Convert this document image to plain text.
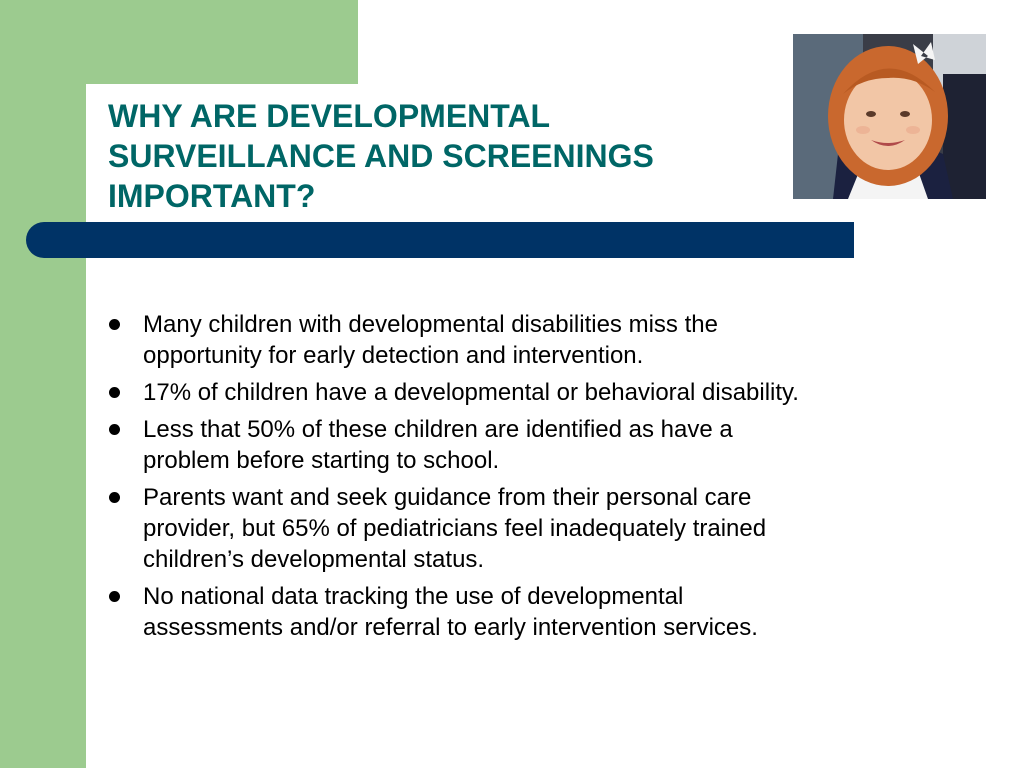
WHY ARE DEVELOPMENTAL
SURVEILLANCE AND SCREENINGS
IMPORTANT?
Many children with developmental disabilities miss the
opportunity for early detection and intervention.
17% of children have a developmental or behavioral disability.
Less that 50% of these children are identified as have a
problem before starting to school.
Parents want and seek guidance from their personal care
provider, but 65% of pediatricians feel inadequately trained
children’s developmental status.
No national data tracking the use of developmental
assessments and/or referral to early intervention services.
